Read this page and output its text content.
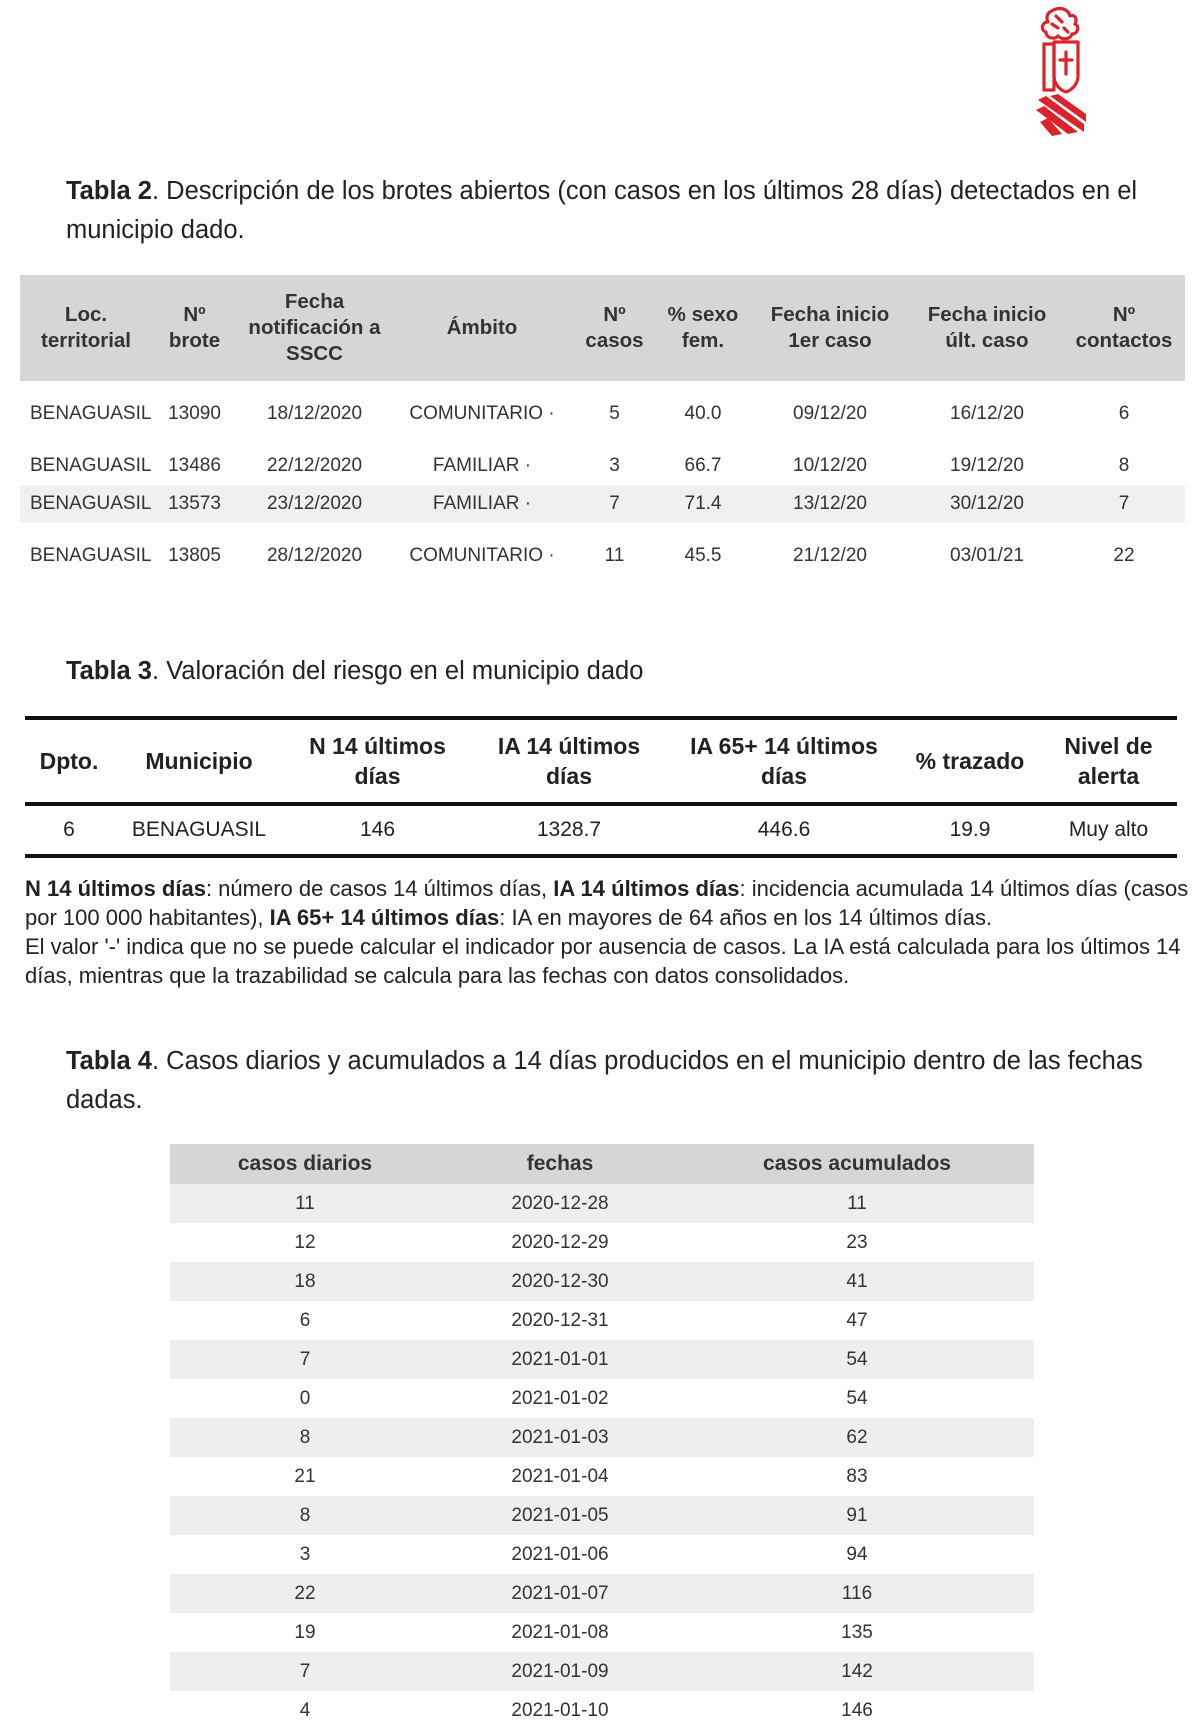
Tabla 2. Descripción de los brotes abiertos (con casos en los últimos 28 días) detectados en el municipio dado.
Loc. territorial	Nº brote	Fecha notificación a SSCC	Ámbito	Nº casos	% sexo fem.	Fecha inicio 1er caso	Fecha inicio últ. caso	Nº contactos
BENAGUASIL	13090	18/12/2020	COMUNITARIO ·	5	40.0	09/12/20	16/12/20	6
BENAGUASIL	13486	22/12/2020	FAMILIAR ·	3	66.7	10/12/20	19/12/20	8
BENAGUASIL	13573	23/12/2020	FAMILIAR ·	7	71.4	13/12/20	30/12/20	7
BENAGUASIL	13805	28/12/2020	COMUNITARIO ·	11	45.5	21/12/20	03/01/21	22
Tabla 3. Valoración del riesgo en el municipio dado
Dpto.	Municipio	N 14 últimos días	IA 14 últimos días	IA 65+ 14 últimos días	% trazado	Nivel de alerta
6	BENAGUASIL	146	1328.7	446.6	19.9	Muy alto
N 14 últimos días: número de casos 14 últimos días, IA 14 últimos días: incidencia acumulada 14 últimos días (casos por 100 000 habitantes), IA 65+ 14 últimos días: IA en mayores de 64 años en los 14 últimos días.
El valor '-' indica que no se puede calcular el indicador por ausencia de casos. La IA está calculada para los últimos 14 días, mientras que la trazabilidad se calcula para las fechas con datos consolidados.
Tabla 4. Casos diarios y acumulados a 14 días producidos en el municipio dentro de las fechas dadas.
casos diarios	fechas	casos acumulados
11	2020-12-28	11
12	2020-12-29	23
18	2020-12-30	41
6	2020-12-31	47
7	2021-01-01	54
0	2021-01-02	54
8	2021-01-03	62
21	2021-01-04	83
8	2021-01-05	91
3	2021-01-06	94
22	2021-01-07	116
19	2021-01-08	135
7	2021-01-09	142
4	2021-01-10	146
